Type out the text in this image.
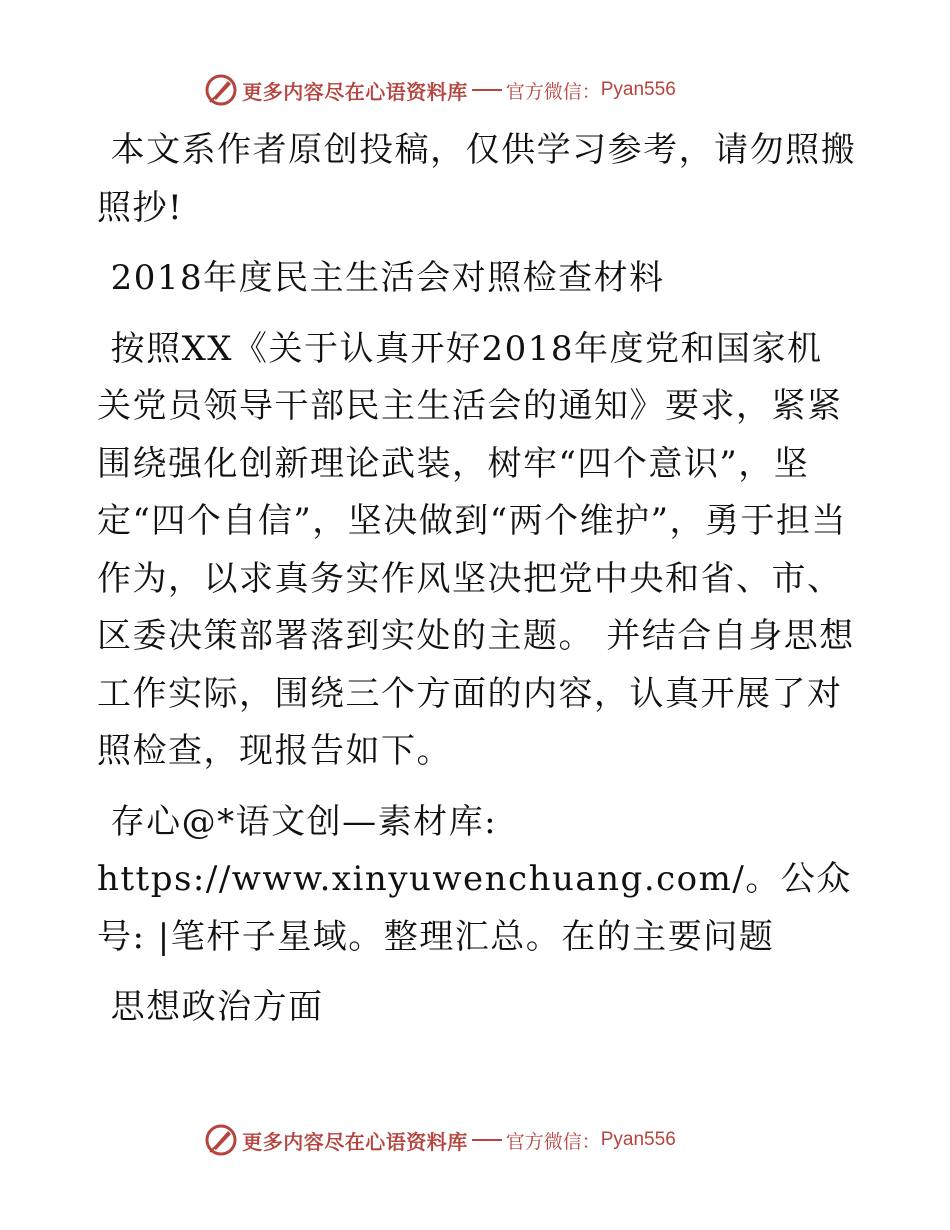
更多内容尽在心语资料库 官方微信： Pyan556

本文系作者原创投稿，仅供学习参考，请勿照搬照抄!

2018年度民主生活会对照检查材料

按照XX《关于认真开好2018年度党和国家机关党员领导干部民主生活会的通知》要求，紧紧围绕强化创新理论武装，树牢“四个意识”，坚定“四个自信”，坚决做到“两个维护”，勇于担当作为，以求真务实作风坚决把党中央和省、市、区委决策部署落到实处的主题。 并结合自身思想工作实际，围绕三个方面的内容，认真开展了对照检查，现报告如下。

存心@*语文创—素材库: https://www.xinyuwenchuang.com/。公众号: |笔杆子星域。整理汇总。在的主要问题

思想政治方面

更多内容尽在心语资料库 官方微信： Pyan556
